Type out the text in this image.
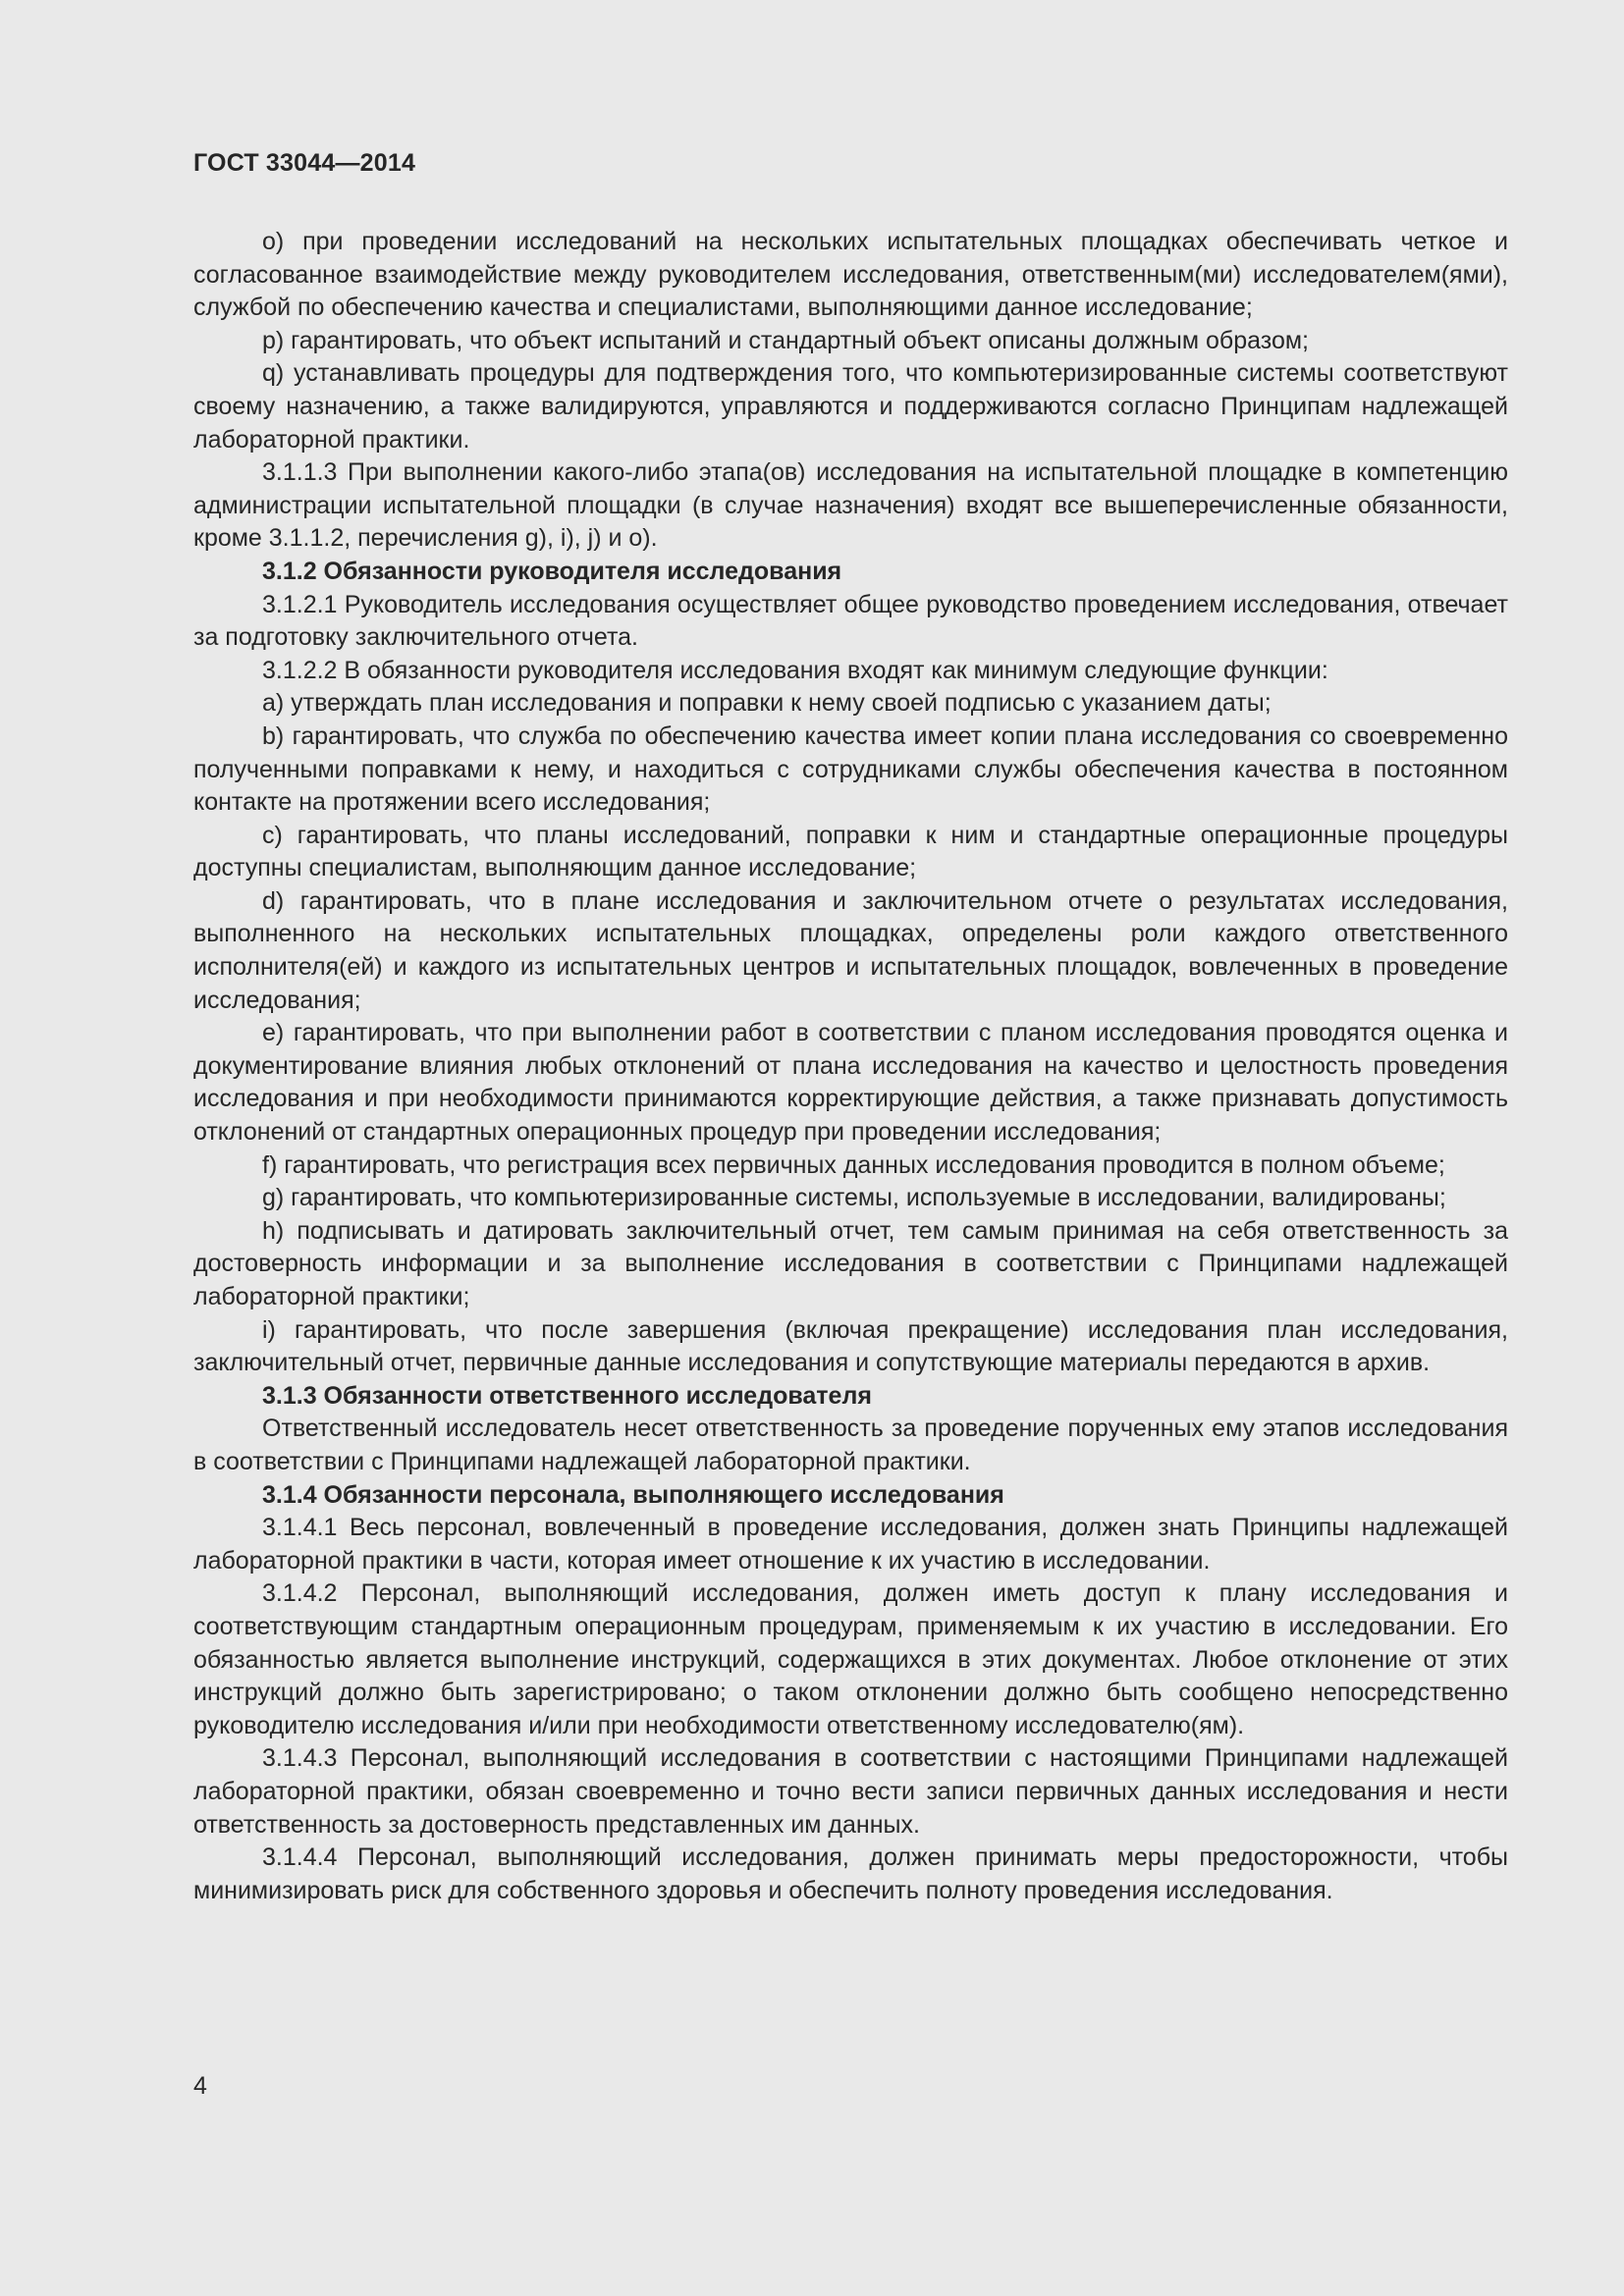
ГОСТ 33044—2014

о) при проведении исследований на нескольких испытательных площадках обеспечивать четкое и согласованное взаимодействие между руководителем исследования, ответственным(ми) исследователем(ями), службой по обеспечению качества и специалистами, выполняющими данное исследование;

р) гарантировать, что объект испытаний и стандартный объект описаны должным образом;

q) устанавливать процедуры для подтверждения того, что компьютеризированные системы соответствуют своему назначению, а также валидируются, управляются и поддерживаются согласно Принципам надлежащей лабораторной практики.

3.1.1.3 При выполнении какого-либо этапа(ов) исследования на испытательной площадке в компетенцию администрации испытательной площадки (в случае назначения) входят все вышеперечисленные обязанности, кроме 3.1.1.2, перечисления g), i), j) и о).

3.1.2 Обязанности руководителя исследования

3.1.2.1 Руководитель исследования осуществляет общее руководство проведением исследования, отвечает за подготовку заключительного отчета.

3.1.2.2 В обязанности руководителя исследования входят как минимум следующие функции:

a) утверждать план исследования и поправки к нему своей подписью с указанием даты;

b) гарантировать, что служба по обеспечению качества имеет копии плана исследования со своевременно полученными поправками к нему, и находиться с сотрудниками службы обеспечения качества в постоянном контакте на протяжении всего исследования;

c) гарантировать, что планы исследований, поправки к ним и стандартные операционные процедуры доступны специалистам, выполняющим данное исследование;

d) гарантировать, что в плане исследования и заключительном отчете о результатах исследования, выполненного на нескольких испытательных площадках, определены роли каждого ответственного исполнителя(ей) и каждого из испытательных центров и испытательных площадок, вовлеченных в проведение исследования;

e) гарантировать, что при выполнении работ в соответствии с планом исследования проводятся оценка и документирование влияния любых отклонений от плана исследования на качество и целостность проведения исследования и при необходимости принимаются корректирующие действия, а также признавать допустимость отклонений от стандартных операционных процедур при проведении исследования;

f) гарантировать, что регистрация всех первичных данных исследования проводится в полном объеме;

g) гарантировать, что компьютеризированные системы, используемые в исследовании, валидированы;

h) подписывать и датировать заключительный отчет, тем самым принимая на себя ответственность за достоверность информации и за выполнение исследования в соответствии с Принципами надлежащей лабораторной практики;

i) гарантировать, что после завершения (включая прекращение) исследования план исследования, заключительный отчет, первичные данные исследования и сопутствующие материалы передаются в архив.

3.1.3 Обязанности ответственного исследователя

Ответственный исследователь несет ответственность за проведение порученных ему этапов исследования в соответствии с Принципами надлежащей лабораторной практики.

3.1.4 Обязанности персонала, выполняющего исследования

3.1.4.1 Весь персонал, вовлеченный в проведение исследования, должен знать Принципы надлежащей лабораторной практики в части, которая имеет отношение к их участию в исследовании.

3.1.4.2 Персонал, выполняющий исследования, должен иметь доступ к плану исследования и соответствующим стандартным операционным процедурам, применяемым к их участию в исследовании. Его обязанностью является выполнение инструкций, содержащихся в этих документах. Любое отклонение от этих инструкций должно быть зарегистрировано; о таком отклонении должно быть сообщено непосредственно руководителю исследования и/или при необходимости ответственному исследователю(ям).

3.1.4.3 Персонал, выполняющий исследования в соответствии с настоящими Принципами надлежащей лабораторной практики, обязан своевременно и точно вести записи первичных данных исследования и нести ответственность за достоверность представленных им данных.

3.1.4.4 Персонал, выполняющий исследования, должен принимать меры предосторожности, чтобы минимизировать риск для собственного здоровья и обеспечить полноту проведения исследования.

4
